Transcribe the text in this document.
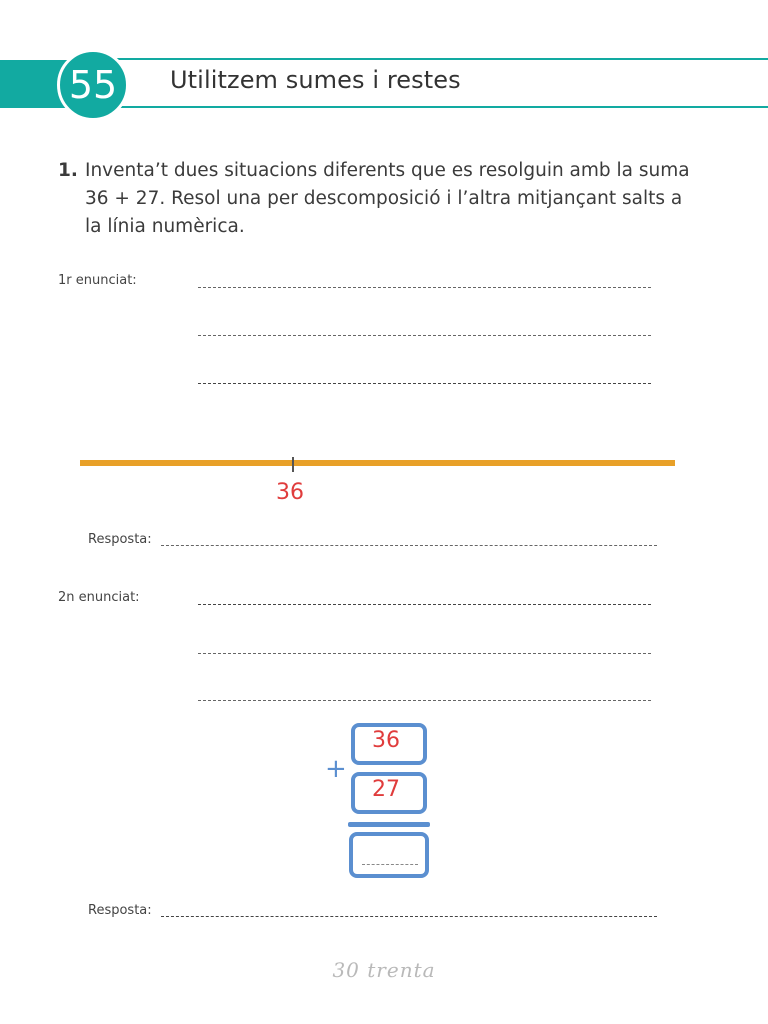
55	Utilitzem sumes i restes
1. Inventa’t dues situacions diferents que es resolguin amb la suma 36 + 27. Resol una per descomposició i l’altra mitjançant salts a la línia numèrica.
1r enunciat:
36
Resposta:
2n enunciat:
36
+
27
Resposta:
30 trenta
